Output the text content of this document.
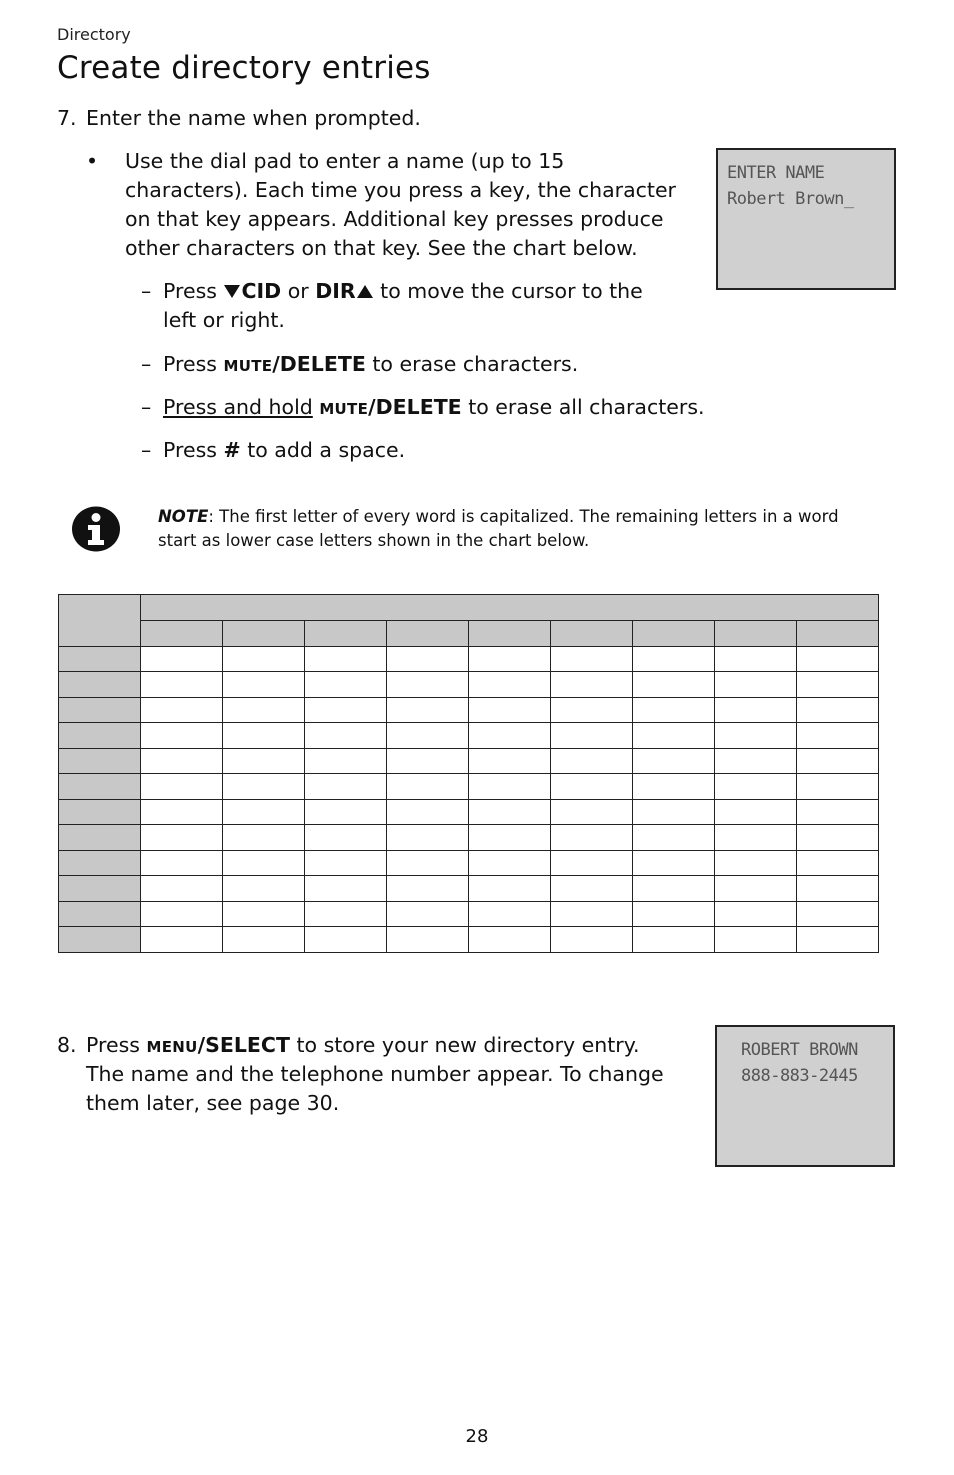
Directory
Create directory entries
7. Enter the name when prompted.
• Use the dial pad to enter a name (up to 15
characters). Each time you press a key, the character
on that key appears. Additional key presses produce
other characters on that key. See the chart below.
– Press CID or DIR to move the cursor to the
left or right.
– Press MUTE/DELETE to erase characters.
– Press and hold MUTE/DELETE to erase all characters.
– Press # to add a space.
ENTER NAME
Robert Brown_
NOTE: The first letter of every word is capitalized. The remaining letters in a word
start as lower case letters shown in the chart below.

8. Press MENU/SELECT to store your new directory entry.
The name and the telephone number appear. To change
them later, see page 30.
ROBERT BROWN
888-883-2445
28
